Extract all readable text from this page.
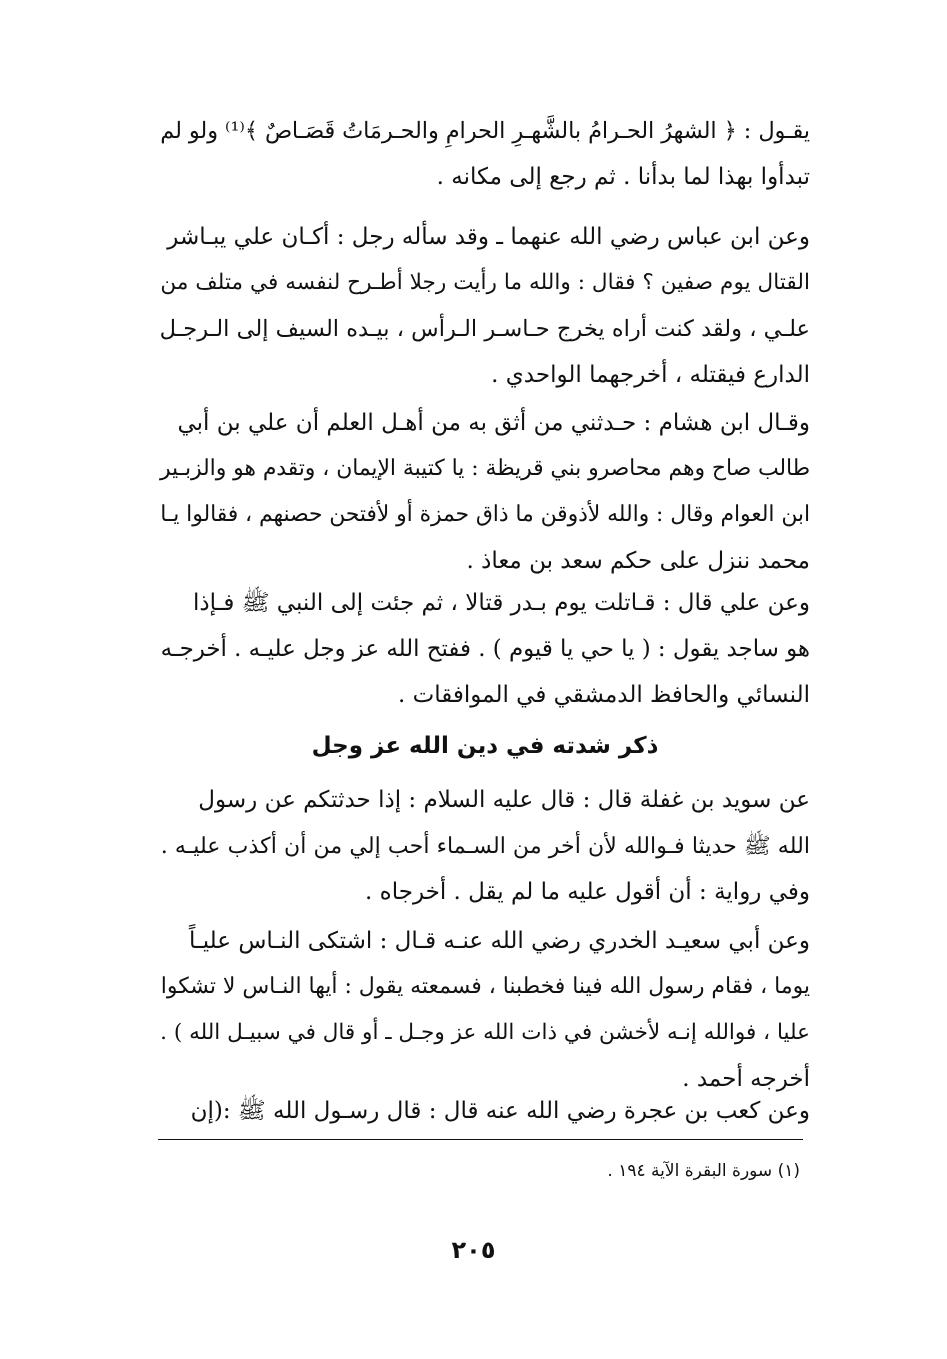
يقـول : ﴿ الشهرُ الحـرامُ بالشَّهـرِ الحرامِ والحـرمَاتُ قَصَـاصٌ ﴾⁽¹⁾ ولو لم
تبدأوا بهذا لما بدأنا . ثم رجع إلى مكانه .
وعن ابن عباس رضي الله عنهما ـ وقد سأله رجل : أكـان علي يبـاشر
القتال يوم صفين ؟ فقال : والله ما رأيت رجلا أطـرح لنفسه في متلف من
علـي ، ولقد كنت أراه يخرج حـاسـر الـرأس ، بيـده السيف إلى الـرجـل
الدارع فيقتله ، أخرجهما الواحدي .
وقـال ابن هشام : حـدثني من أثق به من أهـل العلم أن علي بن أبي
طالب صاح وهم محاصرو بني قريظة : يا كتيبة الإيمان ، وتقدم هو والزبـير
ابن العوام وقال : والله لأذوقن ما ذاق حمزة أو لأفتحن حصنهم ، فقالوا يـا
محمد ننزل على حكم سعد بن معاذ .
وعن علي قال : قـاتلت يوم بـدر قتالا ، ثم جئت إلى النبي ﷺ فـإذا
هو ساجد يقول : ( يا حي يا قيوم ) . ففتح الله عز وجل عليـه . أخرجـه
النسائي والحافظ الدمشقي في الموافقات .
ذكر شدته في دين الله عز وجل
عن سويد بن غفلة قال : قال عليه السلام : إذا حدثتكم عن رسول
الله ﷺ حديثا فـوالله لأن أخر من السـماء أحب إلي من أن أكذب عليـه .
وفي رواية : أن أقول عليه ما لم يقل . أخرجاه .
وعن أبي سعيـد الخدري رضي الله عنـه قـال : اشتكى النـاس عليـاً
يوما ، فقام رسول الله فينا فخطبنا ، فسمعته يقول : أيها النـاس لا تشكوا
عليا ، فوالله إنـه لأخشن في ذات الله عز وجـل ـ أو قال في سبيـل الله ) .
أخرجه أحمد .
وعن كعب بن عجرة رضي الله عنه قال : قال رسـول الله ﷺ :(إن
(١) سورة البقرة الآية ١٩٤ .
٢٠٥
